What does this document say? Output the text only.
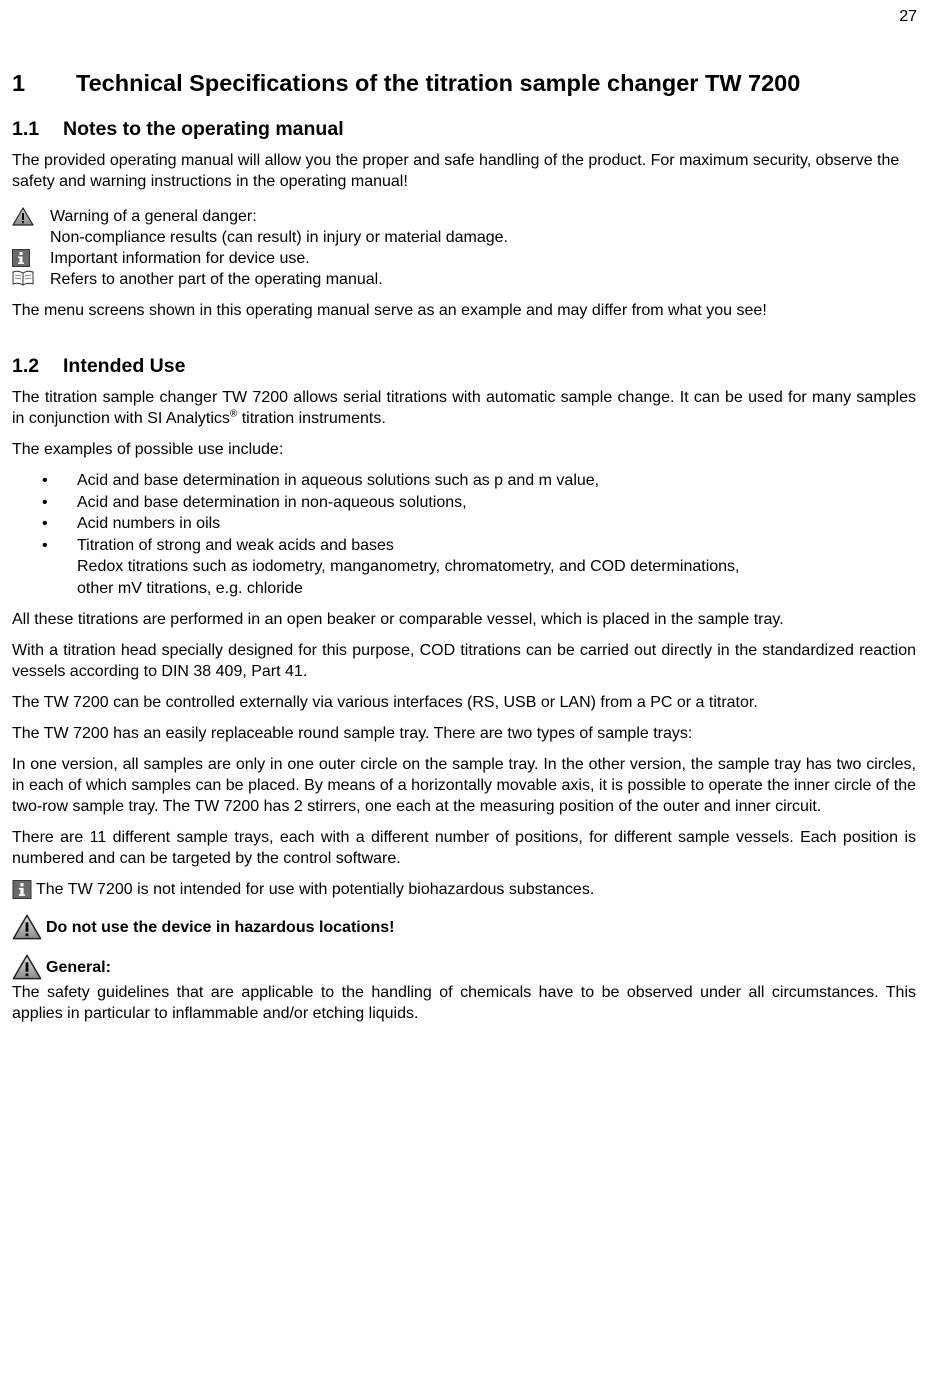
27
1	Technical Specifications of the titration sample changer TW 7200
1.1	Notes to the operating manual

The provided operating manual will allow you the proper and safe handling of the product. For maximum security, observe the safety and warning instructions in the operating manual!

Warning of a general danger:
Non-compliance results (can result) in injury or material damage.
Important information for device use.
Refers to another part of the operating manual.

The menu screens shown in this operating manual serve as an example and may differ from what you see!

1.2	Intended Use

The titration sample changer TW 7200 allows serial titrations with automatic sample change. It can be used for many samples in conjunction with SI Analytics® titration instruments.

The examples of possible use include:

•	Acid and base determination in aqueous solutions such as p and m value,
•	Acid and base determination in non-aqueous solutions,
•	Acid numbers in oils
•	Titration of strong and weak acids and bases
Redox titrations such as iodometry, manganometry, chromatometry, and COD determinations,
other mV titrations, e.g. chloride

All these titrations are performed in an open beaker or comparable vessel, which is placed in the sample tray.

With a titration head specially designed for this purpose, COD titrations can be carried out directly in the standardized reaction vessels according to DIN 38 409, Part 41.

The TW 7200 can be controlled externally via various interfaces (RS, USB or LAN) from a PC or a titrator.

The TW 7200 has an easily replaceable round sample tray. There are two types of sample trays:

In one version, all samples are only in one outer circle on the sample tray. In the other version, the sample tray has two circles, in each of which samples can be placed. By means of a horizontally movable axis, it is possible to operate the inner circle of the two-row sample tray. The TW 7200 has 2 stirrers, one each at the measuring position of the outer and inner circuit.

There are 11 different sample trays, each with a different number of positions, for different sample vessels. Each position is numbered and can be targeted by the control software.

The TW 7200 is not intended for use with potentially biohazardous substances.
Do not use the device in hazardous locations!
General:

The safety guidelines that are applicable to the handling of chemicals have to be observed under all circumstances. This applies in particular to inflammable and/or etching liquids.
